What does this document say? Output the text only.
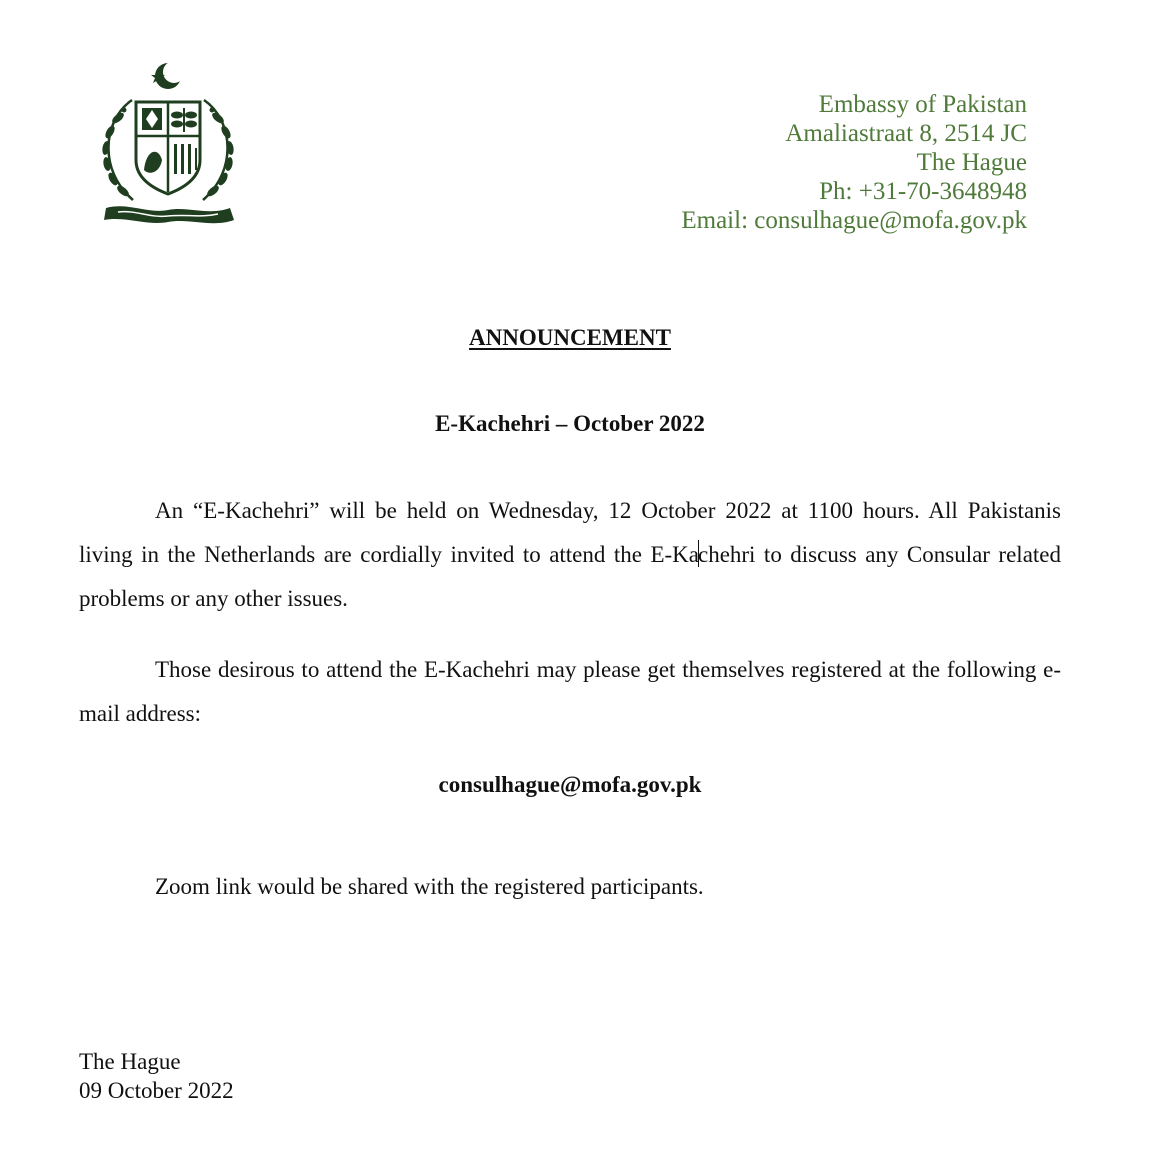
Embassy of Pakistan
Amaliastraat 8, 2514 JC
The Hague
Ph: +31-70-3648948
Email: consulhague@mofa.gov.pk
ANNOUNCEMENT
E-Kachehri – October 2022
An “E-Kachehri” will be held on Wednesday, 12 October 2022 at 1100 hours. All Pakistanis living in the Netherlands are cordially invited to attend the E-Kachehri to discuss any Consular related problems or any other issues.
Those desirous to attend the E-Kachehri may please get themselves registered at the following e-mail address:
consulhague@mofa.gov.pk
Zoom link would be shared with the registered participants.
The Hague
09 October 2022
